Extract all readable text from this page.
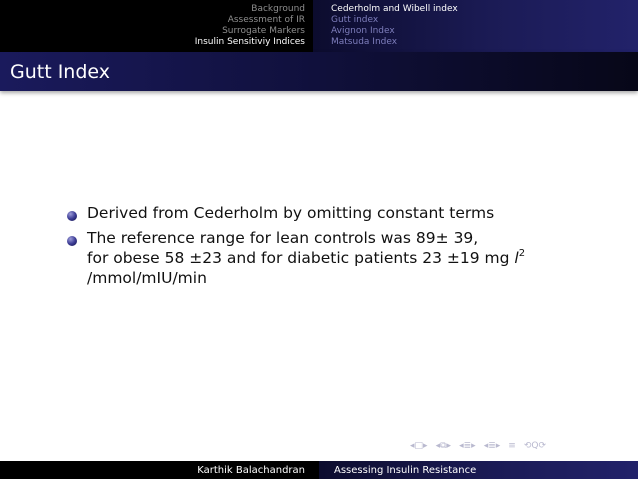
Background
Assessment of IR
Surrogate Markers
Insulin Sensitiviy Indices
Cederholm and Wibell index
Gutt index
Avignon Index
Matsuda Index
Gutt Index
Derived from Cederholm by omitting constant terms
The reference range for lean controls was 89± 39,
for obese 58 ±23 and for diabetic patients 23 ±19 mg $l^2$
/mmol/mIU/min
◂ □ ▸ ◂ ⧉ ▸ ◂ ≣ ▸ ◂ ≣ ▸ ≡ ⟲Q⟳
Karthik Balachandran	Assessing Insulin Resistance
